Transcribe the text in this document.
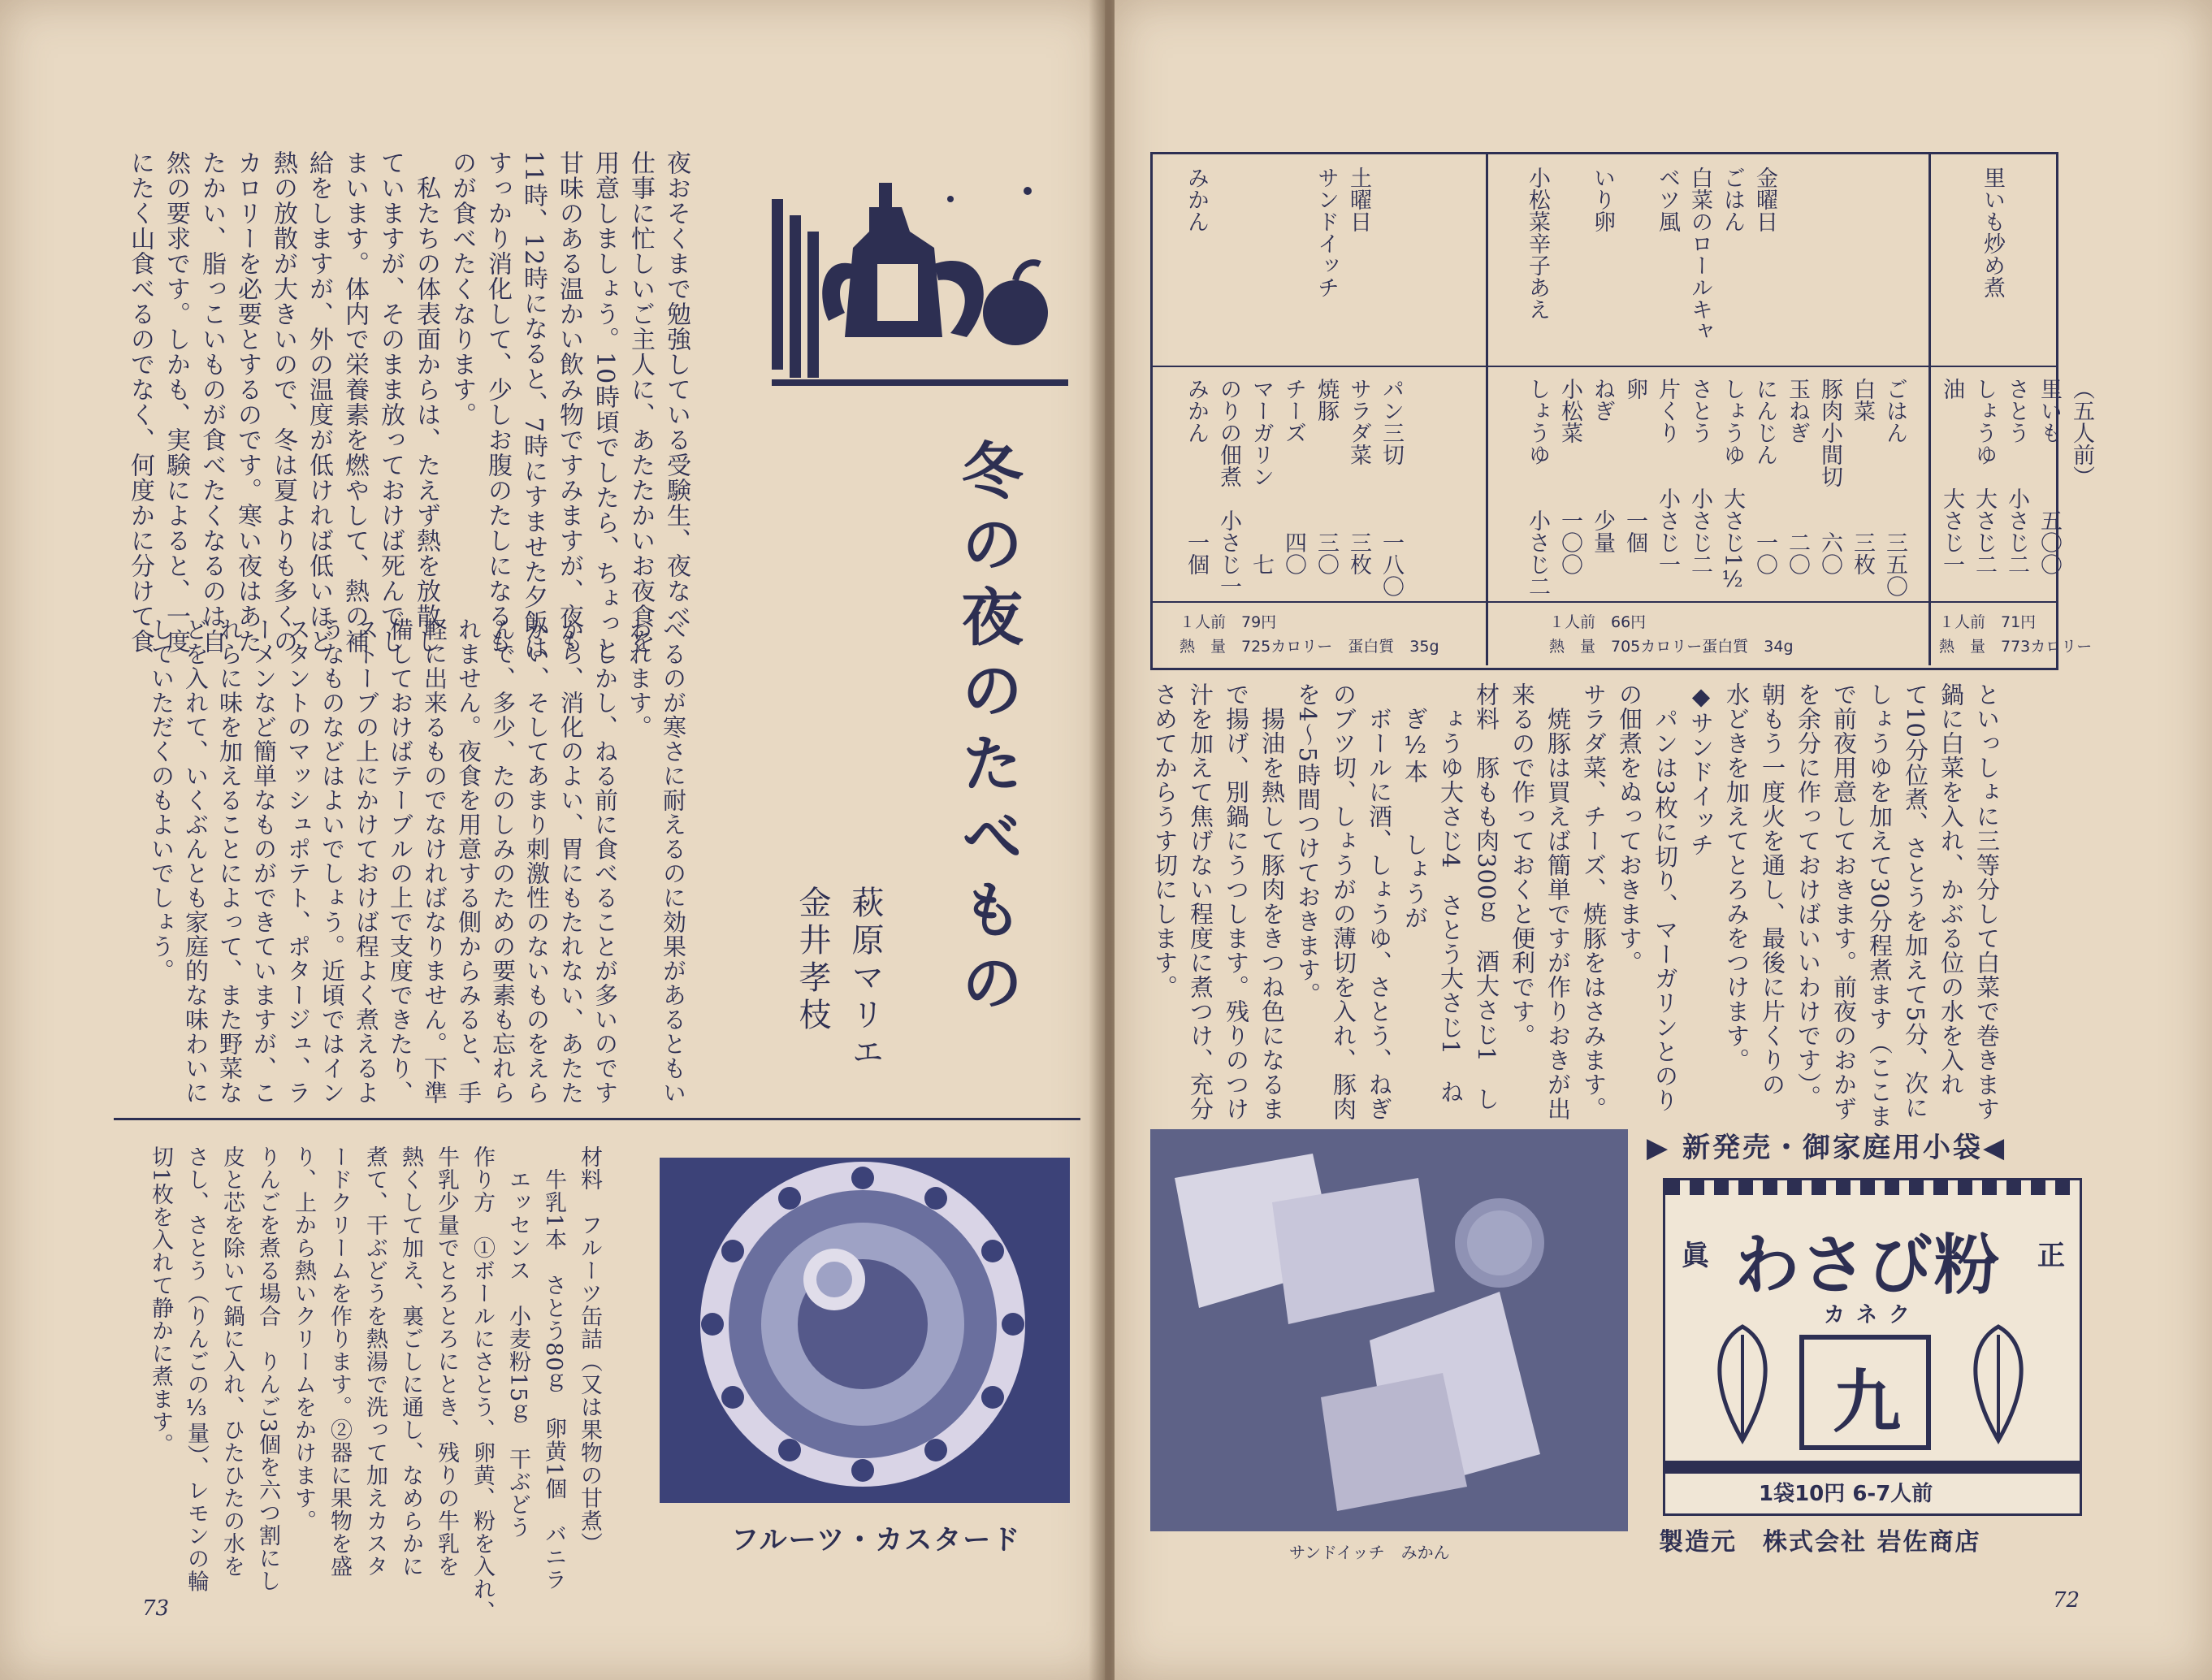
冬の夜のたべもの
萩原マリエ
金井孝枝
夜おそくまで勉強している受験生、夜なべ
仕事に忙しいご主人に、あたたかいお夜食を
用意しましょう。10時頃でしたら、ちょっと
甘味のある温かい飲み物ですみますが、夜も
11時、12時になると、7時にすませた夕飯は
すっかり消化して、少しお腹のたしになるも
のが食べたくなります。
　私たちの体表面からは、たえず熱を放散し
ていますが、そのまま放っておけば死んでし
まいます。体内で栄養素を燃やして、熱の補
給をしますが、外の温度が低ければ低いほど
熱の放散が大きいので、冬は夏よりも多くの
カロリーを必要とするのです。寒い夜はあた
たかい、脂っこいものが食べたくなるのは自
然の要求です。しかも、実験によると、一度
にたく山食べるのでなく、何度かに分けて食
べるのが寒さに耐えるのに効果があるともい
われます。
　しかし、ねる前に食べることが多いのです
から、消化のよい、胃にもたれない、あたた
かい、そしてあまり刺激性のないものをえら
んで、多少、たのしみのための要素も忘れら
れません。夜食を用意する側からみると、手
軽に出来るものでなければなりません。下準
備しておけばテーブルの上で支度できたり、
ストーブの上にかけておけば程よく煮えるよ
うなものなどはよいでしょう。近頃ではイン
スタントのマッシュポテト、ポタージュ、ラ
ーメンなど簡単なものができていますが、こ
れらに味を加えることによって、また野菜な
どを入れて、いくぶんとも家庭的な味わいに
していただくのもよいでしょう。
フルーツ・カスタード
材料　フルーツ缶詰（又は果物の甘煮）
　牛乳1本　さとう80ｇ　卵黄1個　バニラ
　エッセンス　小麦粉15ｇ　干ぶどう
作り方　①ボールにさとう、卵黄、粉を入れ、
牛乳少量でとろとろにとき、残りの牛乳を
熱くして加え、裏ごしに通し、なめらかに
煮て、干ぶどうを熱湯で洗って加えカスタ
ードクリームを作ります。②器に果物を盛
り、上から熱いクリームをかけます。
りんごを煮る場合　りんご3個を六つ割にし
皮と芯を除いて鍋に入れ、ひたひたの水を
さし、さとう（りんごの⅓量）、レモンの輪
切1枚を入れて静かに煮ます。
73
土曜日
サンドイッチ

みかん
パン三切　　　一八〇
サラダ菜　　　三枚
焼豚　　　　　三〇
チーズ　　　　四〇
マーガリン　　　七
のりの佃煮　小さじ一
みかん　　　　一個
１人前　79円
熱　量　725カロリー　蛋白質　35g
金曜日
ごはん
白菜のロールキャ
ベツ風

いり卵

小松菜辛子あえ
ごはん　　　　三五〇
白菜　　　　　三枚
豚肉小間切　　六〇
玉ねぎ　　　　二〇
にんじん　　　一〇
しょうゆ　大さじ1½
さとう　　小さじ二
片くり　　小さじ一
卵　　　　　一個
ねぎ　　　　少量
小松菜　　　一〇〇
しょうゆ　　小さじ二
１人前　66円
熱　量　705カロリー蛋白質　34g

里いも炒め煮
（五人前）
里いも　　　五〇〇
さとう　　小さじ二
しょうゆ　大さじ二
油　　　　大さじ一
１人前　71円
熱　量　773カロリー
といっしょに三等分して白菜で巻きます
鍋に白菜を入れ、かぶる位の水を入れ
て10分位煮、さとうを加えて5分、次に
しょうゆを加えて30分程煮ます（ここま
で前夜用意しておきます。前夜のおかず
を余分に作っておけばいいわけです）。
朝もう一度火を通し、最後に片くりの
水どきを加えてとろみをつけます。
◆サンドイッチ
　パンは3枚に切り、マーガリンとのり
の佃煮をぬっておきます。
サラダ菜、チーズ、焼豚をはさみます。
　焼豚は買えば簡単ですが作りおきが出
来るので作っておくと便利です。
材料　豚もも肉300ｇ　酒大さじ1　し
　ょうゆ大さじ4　さとう大さじ1　ね
　ぎ½本　　しょうが
　ボールに酒、しょうゆ、さとう、ねぎ
のブツ切、しょうがの薄切を入れ、豚肉
を4〜5時間つけておきます。
　揚油を熱して豚肉をきつね色になるま
で揚げ、別鍋にうつします。残りのつけ
汁を加えて焦げない程度に煮つけ、充分
さめてからうす切にします。
サンドイッチ　みかん
▶ 新発売・御家庭用小袋◀
眞 わさび粉 正
カネク
九
1袋10円 6-7人前
製造元　株式会社 岩佐商店
72
